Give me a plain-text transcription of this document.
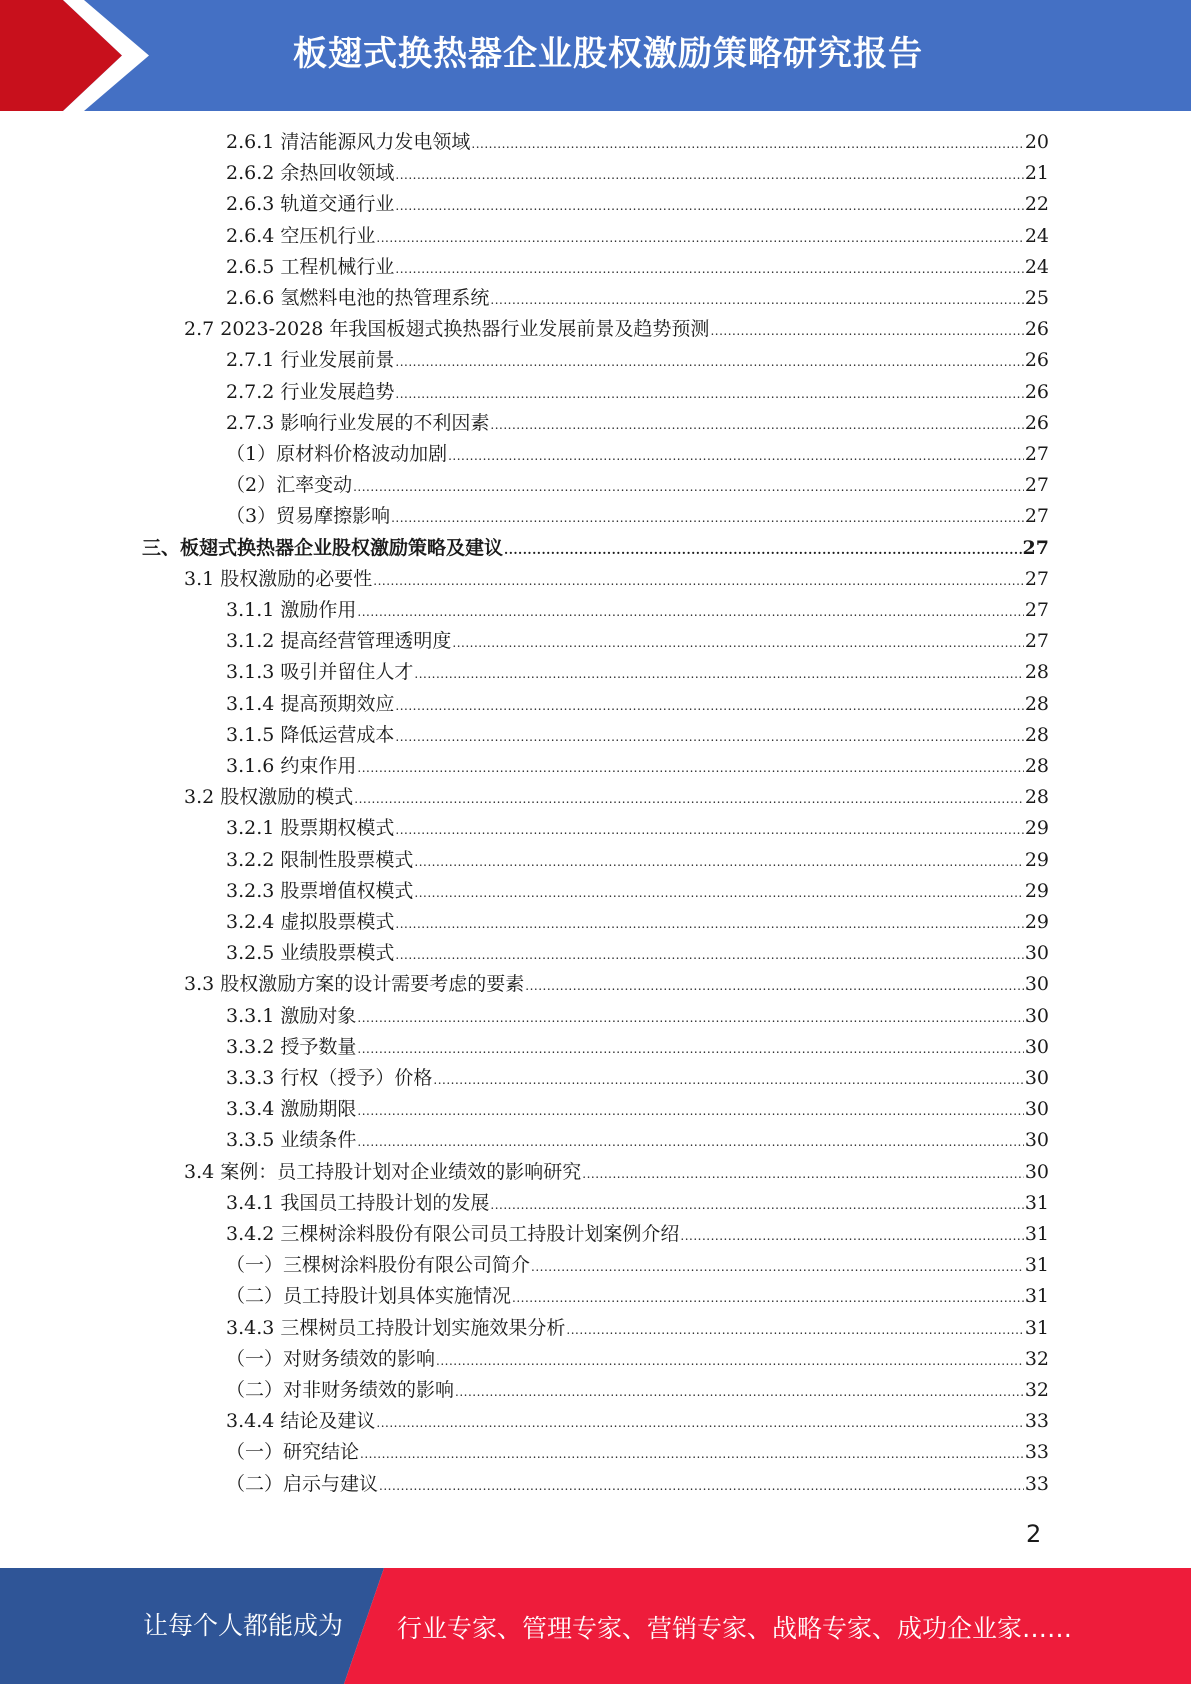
板翅式换热器企业股权激励策略研究报告
2.6.1 清洁能源风力发电领域 .....	20
2.6.2 余热回收领域 .....	21
2.6.3 轨道交通行业 .....	22
2.6.4 空压机行业 .....	24
2.6.5 工程机械行业 .....	24
2.6.6 氢燃料电池的热管理系统 .....	25
2.7 2023-2028 年我国板翅式换热器行业发展前景及趋势预测 .....	26
2.7.1 行业发展前景 .....	26
2.7.2 行业发展趋势 .....	26
2.7.3 影响行业发展的不利因素 .....	26
（1）原材料价格波动加剧 .....	27
（2）汇率变动 .....	27
（3）贸易摩擦影响 .....	27
三、板翅式换热器企业股权激励策略及建议 .....	27
3.1 股权激励的必要性 .....	27
3.1.1 激励作用 .....	27
3.1.2 提高经营管理透明度 .....	27
3.1.3 吸引并留住人才 .....	28
3.1.4 提高预期效应 .....	28
3.1.5 降低运营成本 .....	28
3.1.6 约束作用 .....	28
3.2 股权激励的模式 .....	28
3.2.1 股票期权模式 .....	29
3.2.2 限制性股票模式 .....	29
3.2.3 股票增值权模式 .....	29
3.2.4 虚拟股票模式 .....	29
3.2.5 业绩股票模式 .....	30
3.3 股权激励方案的设计需要考虑的要素 .....	30
3.3.1 激励对象 .....	30
3.3.2 授予数量 .....	30
3.3.3 行权（授予）价格 .....	30
3.3.4 激励期限 .....	30
3.3.5 业绩条件 .....	30
3.4 案例：员工持股计划对企业绩效的影响研究 .....	30
3.4.1 我国员工持股计划的发展 .....	31
3.4.2 三棵树涂料股份有限公司员工持股计划案例介绍 .....	31
（一）三棵树涂料股份有限公司简介 .....	31
（二）员工持股计划具体实施情况 .....	31
3.4.3 三棵树员工持股计划实施效果分析 .....	31
（一）对财务绩效的影响 .....	32
（二）对非财务绩效的影响 .....	32
3.4.4 结论及建议 .....	33
（一）研究结论 .....	33
（二）启示与建议 .....	33
2
让每个人都能成为 行业专家、管理专家、营销专家、战略专家、成功企业家……
